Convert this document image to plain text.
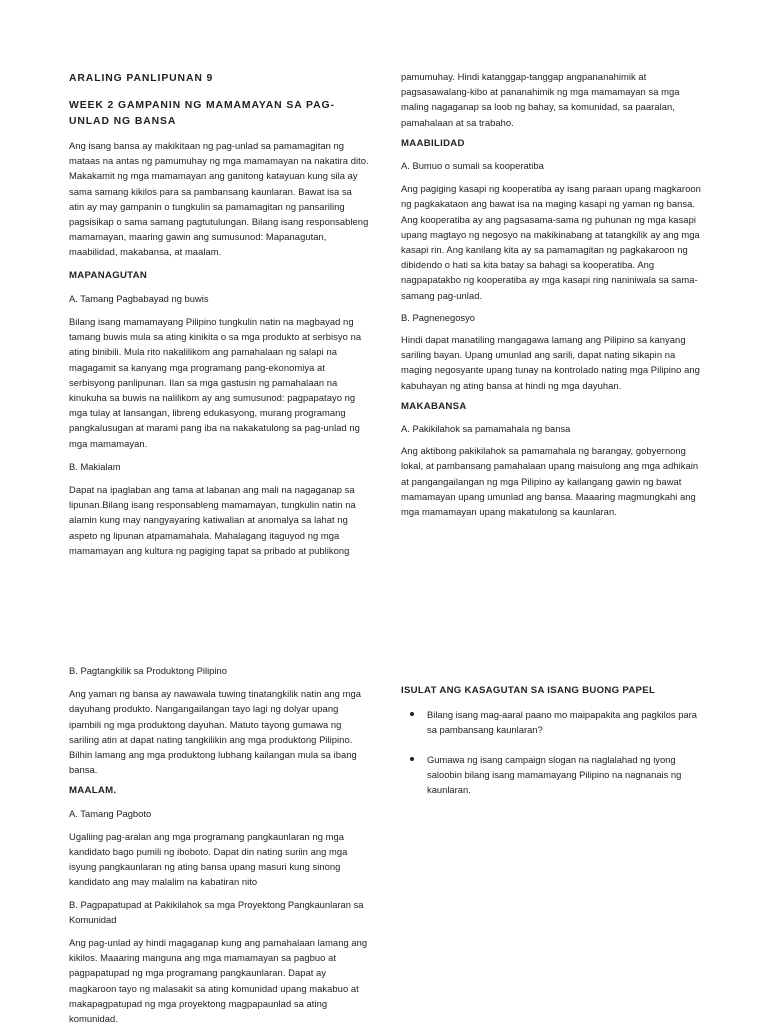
ARALING PANLIPUNAN 9

WEEK 2 GAMPANIN NG MAMAMAYAN SA PAG-UNLAD NG BANSA

Ang isang bansa ay makikitaan ng pag-unlad sa pamamagitan ng mataas na antas ng pamumuhay ng mga mamamayan na nakatira dito. Makakamit ng mga mamamayan ang ganitong katayuan kung sila ay sama samang kikilos para sa pambansang kaunlaran. Bawat isa sa atin ay may gampanin o tungkulin sa pamamagitan ng pansariling pagsisikap o sama samang pagtutulungan. Bilang isang responsableng mamamayan, maaring gawin ang sumusunod: Mapanagutan, maabilidad, makabansa, at maalam.

MAPANAGUTAN

A. Tamang Pagbabayad ng buwis

Bilang isang mamamayang Pilipino tungkulin natin na magbayad ng tamang buwis mula sa ating kinikita o sa mga produkto at serbisyo na ating binibili. Mula rito nakalilikom ang pamahalaan ng salapi na magagamit sa kanyang mga programang pang-ekonomiya at serbisyong panlipunan. Ilan sa mga gastusin ng pamahalaan na kinukuha sa buwis na nalilikom ay ang sumusunod: pagpapatayo ng mga tulay at lansangan, libreng edukasyong, murang programang pangkalusugan at marami pang iba na nakakatulong sa pag-unlad ng mga mamamayan.

B. Makialam

Dapat na ipaglaban ang tama at labanan ang mali na nagaganap sa lipunan.Bilang isang responsableng mamamayan, tungkulin natin na alamin kung may nangyayaring katiwalian at anomalya sa lahat ng aspeto ng lipunan atpamamahala. Mahalagang itaguyod ng mga mamamayan ang kultura ng pagiging tapat sa pribado at publikong

pamumuhay. Hindi katanggap-tanggap angpananahimik at pagsasawalang-kibo at pananahimik ng mga mamamayan sa mga maling nagaganap sa loob ng bahay, sa komunidad, sa paaralan, pamahalaan at sa trabaho.

MAABILIDAD

A. Bumuo o sumali sa kooperatiba

Ang pagiging kasapi ng kooperatiba ay isang paraan upang magkaroon ng pagkakataon ang bawat isa na maging kasapi ng yaman ng bansa. Ang kooperatiba ay ang pagsasama-sama ng puhunan ng mga kasapi upang magtayo ng negosyo na makikinabang at tatangkilik ay ang mga kasapi rin. Ang kanilang kita ay sa pamamagitan ng pagkakaroon ng dibidendo o hati sa kita batay sa bahagi sa kooperatiba. Ang nagpapatakbo ng kooperatiba ay mga kasapi ring naniniwala sa sama-samang pag-unlad.

B. Pagnenegosyo

Hindi dapat manatiling mangagawa lamang ang Pilipino sa kanyang sariling bayan. Upang umunlad ang sarili, dapat nating sikapin na maging negosyante upang tunay na kontrolado nating mga Pilipino ang kabuhayan ng ating bansa at hindi ng mga dayuhan.

MAKABANSA

A. Pakikilahok sa pamamahala ng bansa

Ang aktibong pakikilahok sa pamamahala ng barangay, gobyernong lokal, at pambansang pamahalaan upang maisulong ang mga adhikain at pangangailangan ng mga Pilipino ay kailangang gawin ng bawat mamamayan upang umunlad ang bansa. Maaaring magmungkahi ang mga mamamayan upang makatulong sa kaunlaran.

B. Pagtangkilik sa Produktong Pilipino

Ang yaman ng bansa ay nawawala tuwing tinatangkilik natin ang mga dayuhang produkto. Nangangailangan tayo lagi ng dolyar upang ipambili ng mga produktong dayuhan. Matuto tayong gumawa ng sariling atin at dapat nating tangkilikin ang mga produktong Pilipino. Bilhin lamang ang mga produktong lubhang kailangan mula sa ibang bansa.

MAALAM.

A. Tamang Pagboto

Ugaliing pag-aralan ang mga programang pangkaunlaran ng mga kandidato bago pumili ng iboboto. Dapat din nating suriin ang mga isyung pangkaunlaran ng ating bansa upang masuri kung sinong kandidato ang may malalim na kabatiran nito

B. Pagpapatupad at Pakikilahok sa mga Proyektong Pangkaunlaran sa Komunidad

Ang pag-unlad ay hindi magaganap kung ang pamahalaan lamang ang kikilos. Maaaring manguna ang mga mamamayan sa pagbuo at pagpapatupad ng mga programang pangkaunlaran. Dapat ay magkaroon tayo ng malasakit sa ating komunidad upang makabuo at makapagpatupad ng mga proyektong magpapaunlad sa ating komunidad.

ISULAT ANG KASAGUTAN SA ISANG BUONG PAPEL

Bilang isang mag-aaral paano mo maipapakita ang pagkilos para sa pambansang kaunlaran?
Gumawa ng isang campaign slogan na naglalahad ng iyong saloobin bilang isang mamamayang Pilipino na nagnanais ng kaunlaran.
